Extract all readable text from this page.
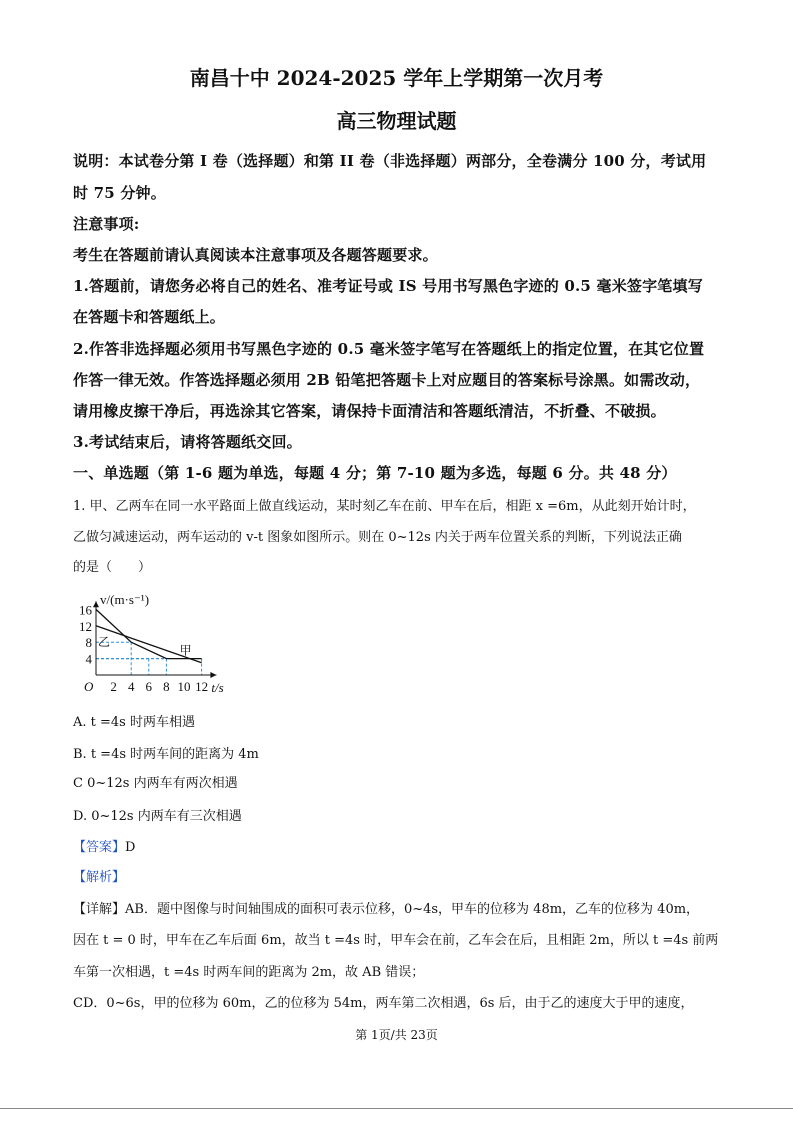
南昌十中 2024-2025 学年上学期第一次月考
高三物理试题
说明：本试卷分第 I 卷（选择题）和第 II 卷（非选择题）两部分，全卷满分 100 分，考试用
时 75 分钟。
注意事项:
考生在答题前请认真阅读本注意事项及各题答题要求。
1.答题前，请您务必将自己的姓名、准考证号或 IS 号用书写黑色字迹的 0.5 毫米签字笔填写
在答题卡和答题纸上。
2.作答非选择题必须用书写黑色字迹的 0.5 毫米签字笔写在答题纸上的指定位置，在其它位置
作答一律无效。作答选择题必须用 2B 铅笔把答题卡上对应题目的答案标号涂黑。如需改动，
请用橡皮擦干净后，再选涂其它答案，请保持卡面清洁和答题纸清洁，不折叠、不破损。
3.考试结束后，请将答题纸交回。
一、单选题（第 1-6 题为单选，每题 4 分；第 7-10 题为多选，每题 6 分。共 48 分）
1. 甲、乙两车在同一水平路面上做直线运动，某时刻乙车在前、甲车在后，相距 x =6m，从此刻开始计时，
乙做匀减速运动，两车运动的 v-t 图象如图所示。则在 0~12s 内关于两车位置关系的判断，下列说法正确
的是（　　）
2 4 6 8 10 12
4
8
12
16
O	t/s
v/(m·s⁻¹)
甲
乙
A. t =4s 时两车相遇
B. t =4s 时两车间的距离为 4m
C 0~12s 内两车有两次相遇
D. 0~12s 内两车有三次相遇
【答案】D
【解析】
【详解】AB．题中图像与时间轴围成的面积可表示位移，0~4s，甲车的位移为 48m，乙车的位移为 40m，
因在 t = 0 时，甲车在乙车后面 6m，故当 t =4s 时，甲车会在前，乙车会在后，且相距 2m，所以 t =4s 前两
车第一次相遇，t =4s 时两车间的距离为 2m，故 AB 错误；
CD．0~6s，甲的位移为 60m，乙的位移为 54m，两车第二次相遇，6s 后，由于乙的速度大于甲的速度，
第 1页/共 23页
